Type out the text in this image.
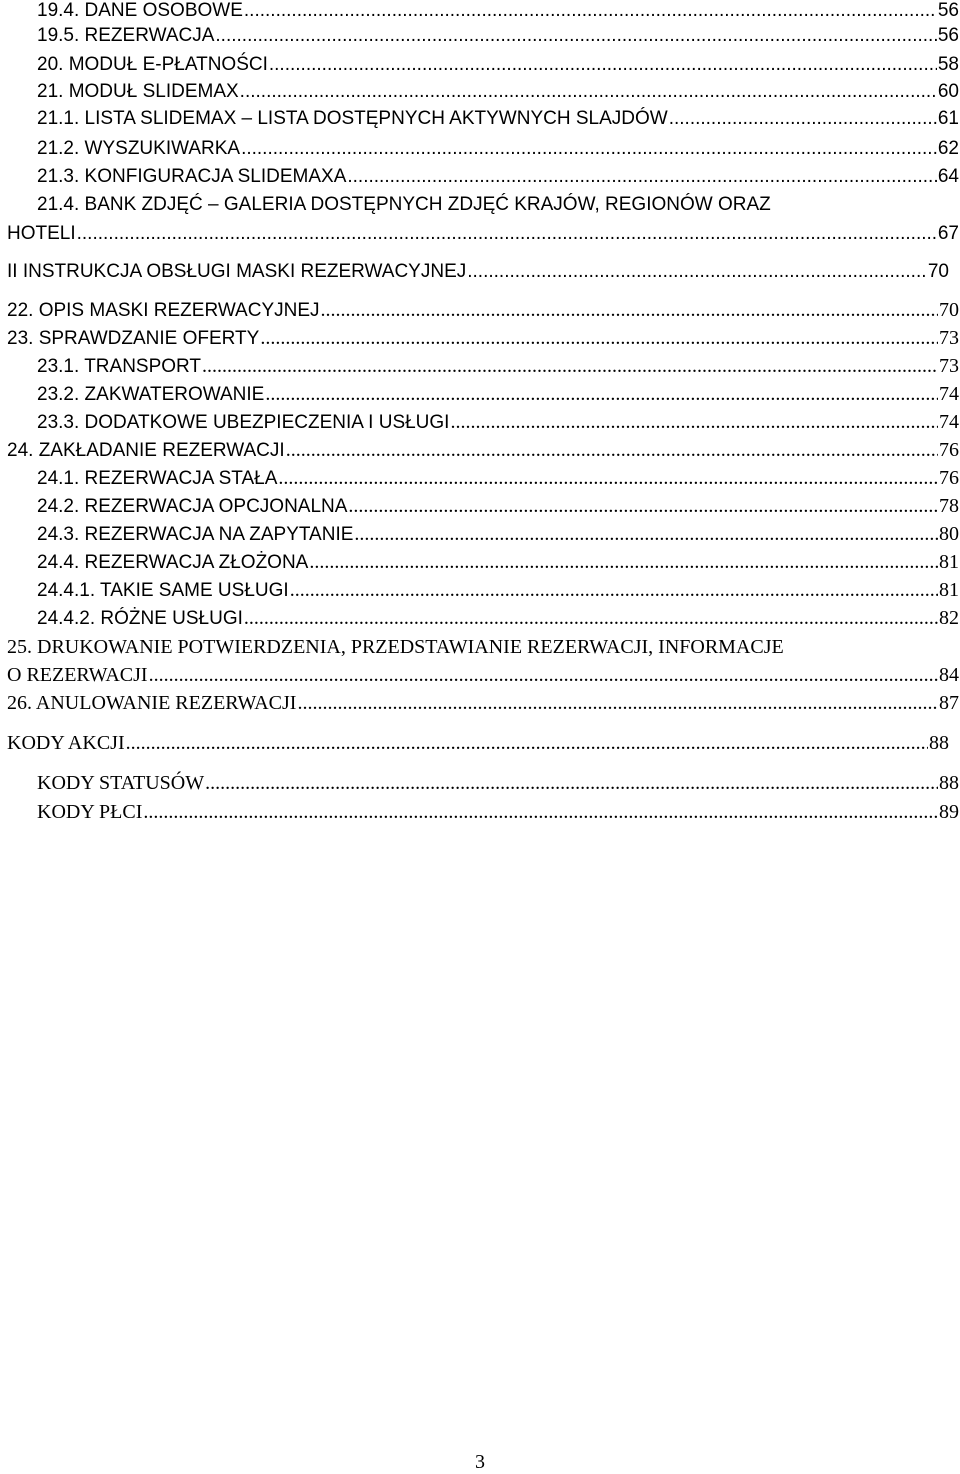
19.4. DANE OSOBOWE .....	56
19.5. REZERWACJA .....	56
20. MODUŁ E-PŁATNOŚCI .....	58
21. MODUŁ SLIDEMAX .....	60
21.1. LISTA SLIDEMAX – LISTA DOSTĘPNYCH AKTYWNYCH SLAJDÓW .....	61
21.2. WYSZUKIWARKA .....	62
21.3. KONFIGURACJA SLIDEMAXA .....	64
21.4. BANK ZDJĘĆ – GALERIA DOSTĘPNYCH ZDJĘĆ KRAJÓW, REGIONÓW ORAZ
HOTELI .....	67
II INSTRUKCJA OBSŁUGI MASKI REZERWACYJNEJ .....	70
22. OPIS MASKI REZERWACYJNEJ .....	70
23. SPRAWDZANIE OFERTY .....	73
23.1. TRANSPORT .....	73
23.2. ZAKWATEROWANIE .....	74
23.3. DODATKOWE UBEZPIECZENIA I USŁUGI .....	74
24. ZAKŁADANIE REZERWACJI .....	76
24.1. REZERWACJA STAŁA .....	76
24.2. REZERWACJA OPCJONALNA .....	78
24.3. REZERWACJA NA ZAPYTANIE .....	80
24.4. REZERWACJA ZŁOŻONA .....	81
24.4.1. TAKIE SAME USŁUGI .....	81
24.4.2. RÓŻNE USŁUGI .....	82
25. DRUKOWANIE POTWIERDZENIA, PRZEDSTAWIANIE REZERWACJI, INFORMACJE
O REZERWACJI .....	84
26. ANULOWANIE REZERWACJI .....	87
KODY AKCJI .....	88
KODY STATUSÓW .....	88
KODY PŁCI .....	89
3
